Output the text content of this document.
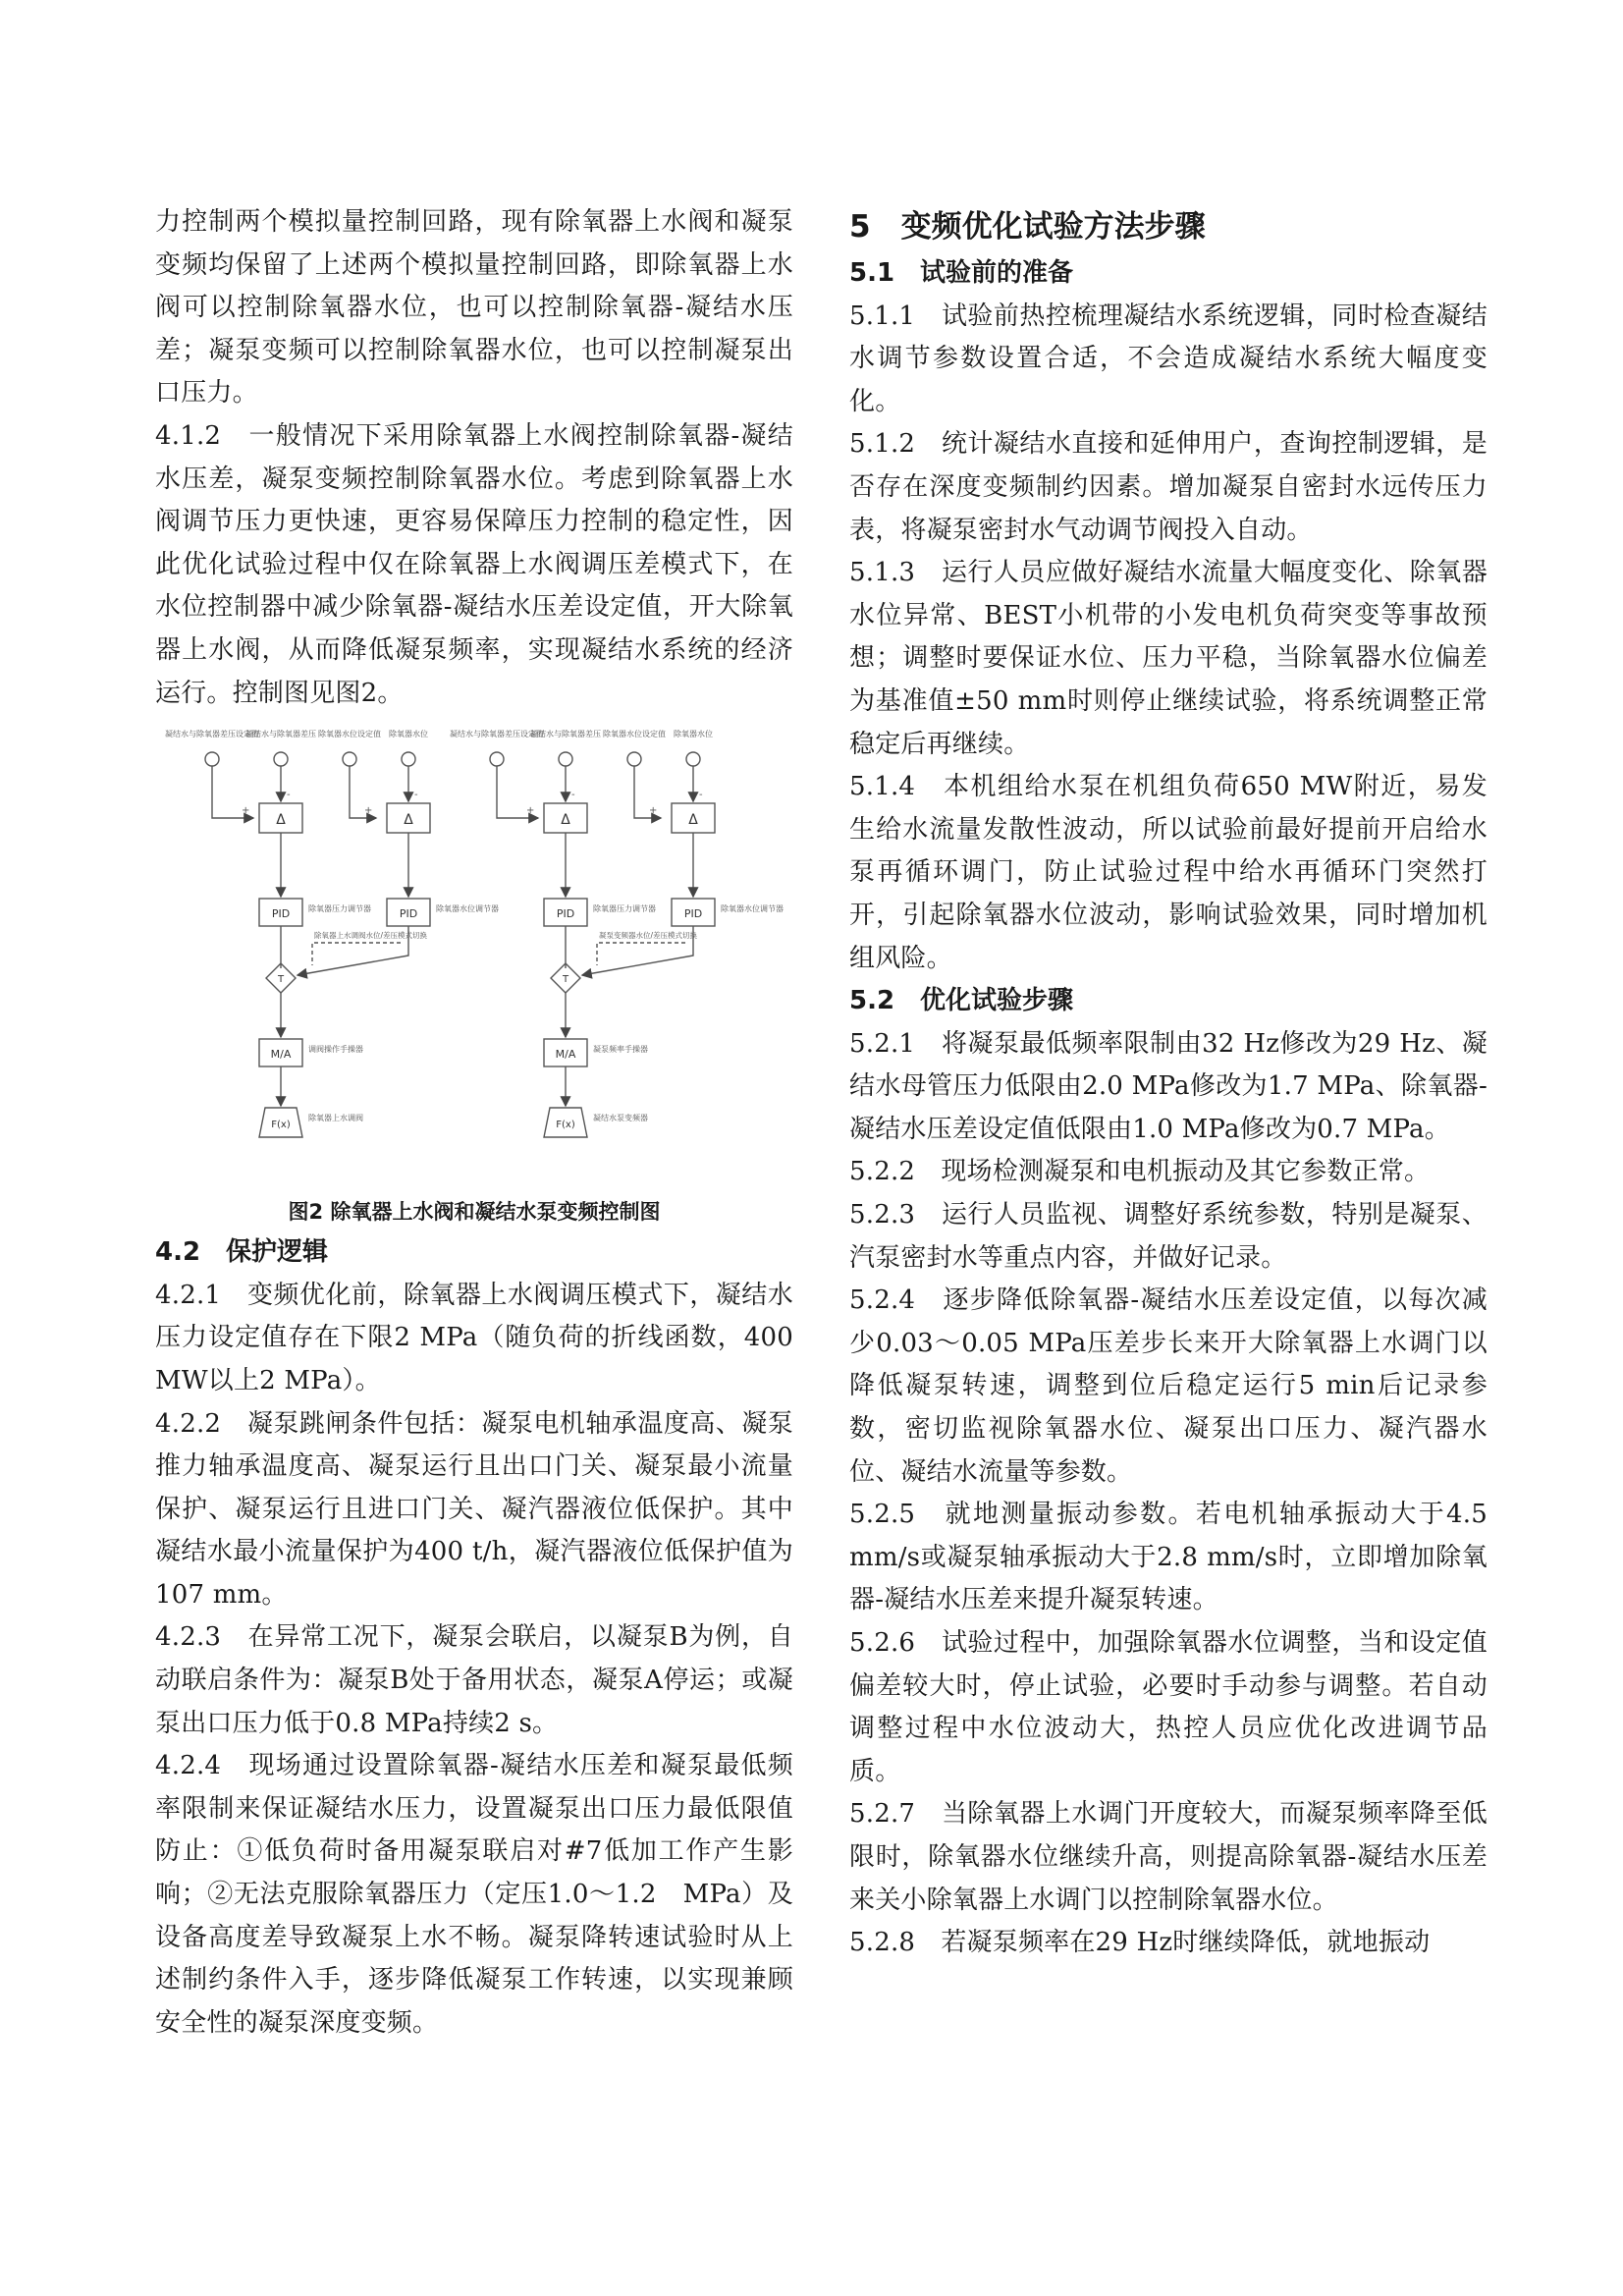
力控制两个模拟量控制回路，现有除氧器上水阀和凝泵变频均保留了上述两个模拟量控制回路，即除氧器上水阀可以控制除氧器水位，也可以控制除氧器-凝结水压差；凝泵变频可以控制除氧器水位，也可以控制凝泵出口压力。

4.1.2　一般情况下采用除氧器上水阀控制除氧器-凝结水压差，凝泵变频控制除氧器水位。考虑到除氧器上水阀调节压力更快速，更容易保障压力控制的稳定性，因此优化试验过程中仅在除氧器上水阀调压差模式下，在水位控制器中减少除氧器-凝结水压差设定值，开大除氧器上水阀，从而降低凝泵频率，实现凝结水系统的经济运行。控制图见图2。

凝结水与除氧器差压设定值
凝结水与除氧器差压 除氧器水位设定值 除氧器水位
+
-
+
-
Δ	Δ
PID	PID
除氧器压力调节器	除氧器水位调节器
除氧器上水调阀水位/差压模式切换
T
M/A 调阀操作手操器
F(x)
除氧器上水调阀
凝结水与除氧器差压设定值
凝结水与除氧器差压 除氧器水位设定值 除氧器水位
+
-
+
-
Δ	Δ
PID	PID
除氧器压力调节器	除氧器水位调节器
凝泵变频器水位/差压模式切换
T
M/A 凝泵频率手操器
F(x)
凝结水泵变频器

图2 除氧器上水阀和凝结水泵变频控制图

4.2　保护逻辑

4.2.1　变频优化前，除氧器上水阀调压模式下，凝结水压力设定值存在下限2 MPa（随负荷的折线函数，400 MW以上2 MPa）。

4.2.2　凝泵跳闸条件包括：凝泵电机轴承温度高、凝泵推力轴承温度高、凝泵运行且出口门关、凝泵最小流量保护、凝泵运行且进口门关、凝汽器液位低保护。其中凝结水最小流量保护为400 t/h，凝汽器液位低保护值为107 mm。

4.2.3　在异常工况下，凝泵会联启，以凝泵B为例，自动联启条件为：凝泵B处于备用状态，凝泵A停运；或凝泵出口压力低于0.8 MPa持续2 s。

4.2.4　现场通过设置除氧器-凝结水压差和凝泵最低频率限制来保证凝结水压力，设置凝泵出口压力最低限值防止：①低负荷时备用凝泵联启对#7低加工作产生影响；②无法克服除氧器压力（定压1.0～1.2　MPa）及设备高度差导致凝泵上水不畅。凝泵降转速试验时从上述制约条件入手，逐步降低凝泵工作转速，以实现兼顾安全性的凝泵深度变频。

5　变频优化试验方法步骤

5.1　试验前的准备

5.1.1　试验前热控梳理凝结水系统逻辑，同时检查凝结水调节参数设置合适，不会造成凝结水系统大幅度变化。

5.1.2　统计凝结水直接和延伸用户，查询控制逻辑，是否存在深度变频制约因素。增加凝泵自密封水远传压力表，将凝泵密封水气动调节阀投入自动。

5.1.3　运行人员应做好凝结水流量大幅度变化、除氧器水位异常、BEST小机带的小发电机负荷突变等事故预想；调整时要保证水位、压力平稳，当除氧器水位偏差为基准值±50 mm时则停止继续试验，将系统调整正常稳定后再继续。

5.1.4　本机组给水泵在机组负荷650 MW附近，易发生给水流量发散性波动，所以试验前最好提前开启给水泵再循环调门，防止试验过程中给水再循环门突然打开，引起除氧器水位波动，影响试验效果，同时增加机组风险。

5.2　优化试验步骤

5.2.1　将凝泵最低频率限制由32 Hz修改为29 Hz、凝结水母管压力低限由2.0 MPa修改为1.7 MPa、除氧器-凝结水压差设定值低限由1.0 MPa修改为0.7 MPa。

5.2.2　现场检测凝泵和电机振动及其它参数正常。

5.2.3　运行人员监视、调整好系统参数，特别是凝泵、汽泵密封水等重点内容，并做好记录。

5.2.4　逐步降低除氧器-凝结水压差设定值，以每次减少0.03～0.05 MPa压差步长来开大除氧器上水调门以降低凝泵转速，调整到位后稳定运行5 min后记录参数，密切监视除氧器水位、凝泵出口压力、凝汽器水位、凝结水流量等参数。

5.2.5　就地测量振动参数。若电机轴承振动大于4.5 mm/s或凝泵轴承振动大于2.8 mm/s时，立即增加除氧器-凝结水压差来提升凝泵转速。

5.2.6　试验过程中，加强除氧器水位调整，当和设定值偏差较大时，停止试验，必要时手动参与调整。若自动调整过程中水位波动大，热控人员应优化改进调节品质。

5.2.7　当除氧器上水调门开度较大，而凝泵频率降至低限时，除氧器水位继续升高，则提高除氧器-凝结水压差来关小除氧器上水调门以控制除氧器水位。

5.2.8　若凝泵频率在29 Hz时继续降低，就地振动
